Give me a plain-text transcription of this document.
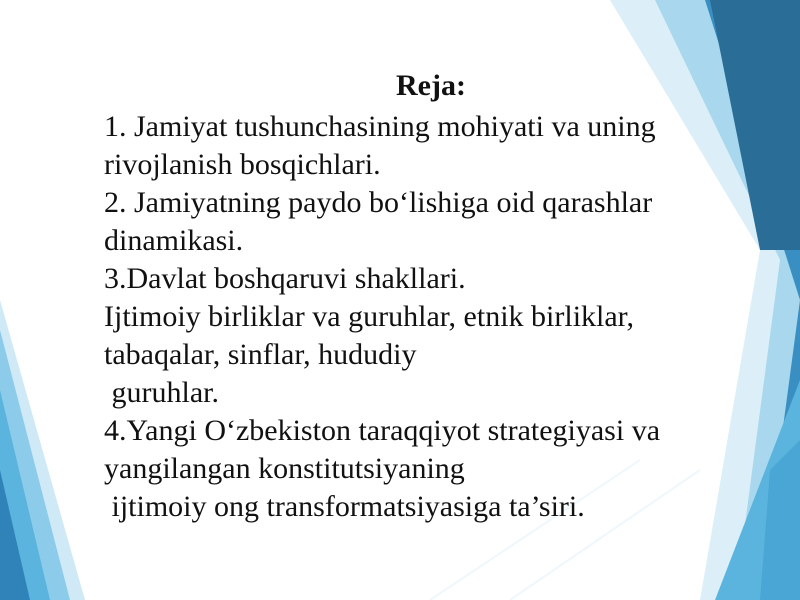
Reja:
1. Jamiyat tushunchasining mohiyati va uning
rivojlanish bosqichlari.
2. Jamiyatning paydo bo‘lishiga oid qarashlar
dinamikasi.
3.Davlat boshqaruvi shakllari.
Ijtimoiy birliklar va guruhlar, etnik birliklar,
tabaqalar, sinflar, hududiy
guruhlar.
4.Yangi O‘zbekiston taraqqiyot strategiyasi va
yangilangan konstitutsiyaning
ijtimoiy ong transformatsiyasiga ta’siri.
